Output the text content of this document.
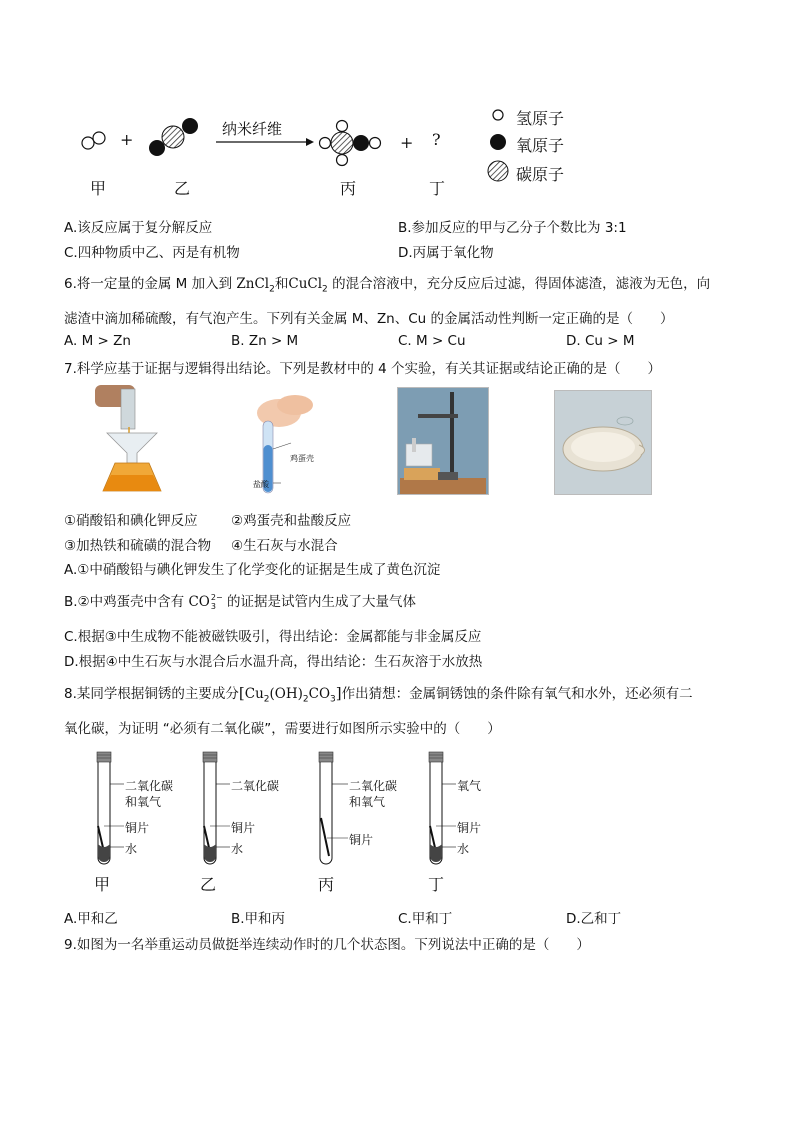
+	+ ?
纳米纤维
甲	乙	丙	丁
氢原子
氧原子
碳原子
A.该反应属于复分解反应	B.参加反应的甲与乙分子个数比为 3:1
C.四种物质中乙、丙是有机物	D.丙属于氧化物
6.将一定量的金属 M 加入到 ZnCl$_2$和CuCl$_2$ 的混合溶液中，充分反应后过滤，得固体滤渣，滤液为无色，向
滤渣中滴加稀硫酸，有气泡产生。下列有关金属 M、Zn、Cu 的金属活动性判断一定正确的是（　　）
A. M > Zn	B. Zn > M	C. M > Cu	D. Cu > M
7.科学应基于证据与逻辑得出结论。下列是教材中的 4 个实验，有关其证据或结论正确的是（　　）
鸡蛋壳
盐酸
①硝酸铅和碘化钾反应 ②鸡蛋壳和盐酸反应
③加热铁和硫磺的混合物 ④生石灰与水混合
A.①中硝酸铅与碘化钾发生了化学变化的证据是生成了黄色沉淀
B.②中鸡蛋壳中含有 CO 2−
3 的证据是试管内生成了大量气体
C.根据③中生成物不能被磁铁吸引，得出结论：金属都能与非金属反应
D.根据④中生石灰与水混合后水温升高，得出结论：生石灰溶于水放热
8.某同学根据铜锈的主要成分$[Cu_2(OH)_2CO_3]$作出猜想：金属铜锈蚀的条件除有氧气和水外，还必须有二
氧化碳，为证明 “必须有二氧化碳”，需要进行如图所示实验中的（　　）
二氧化碳
和氧气
铜片
水
二氧化碳
铜片
水
二氧化碳
和氧气
铜片
氧气
铜片
水
甲	乙	丙	丁
A.甲和乙	B.甲和丙	C.甲和丁	D.乙和丁
9.如图为一名举重运动员做挺举连续动作时的几个状态图。下列说法中正确的是（　　）
